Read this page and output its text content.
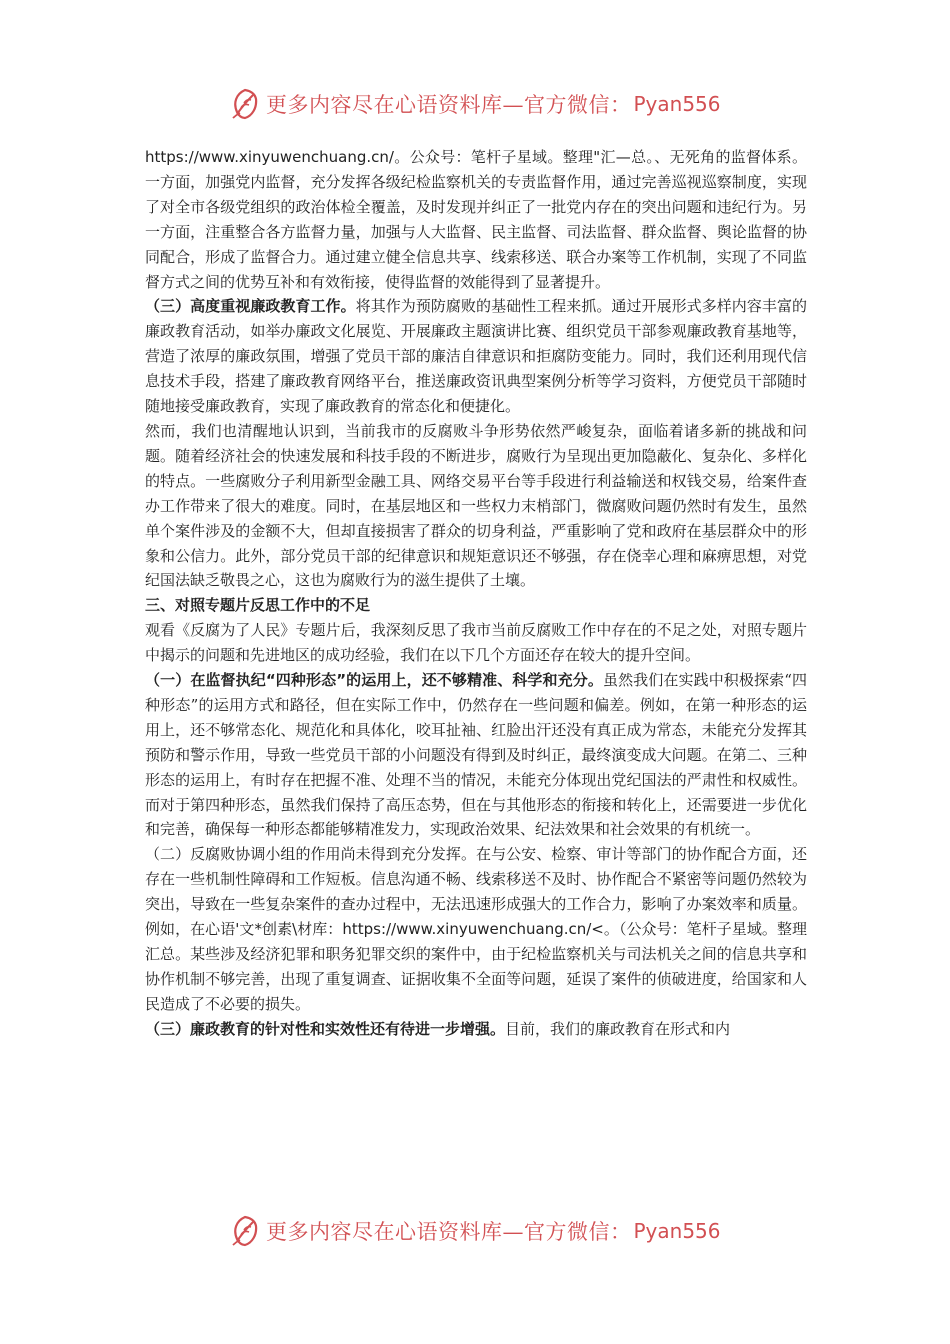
更多内容尽在心语资料库—官方微信： Pyan556

https://www.xinyuwenchuang.cn/。公众号：笔杆子星域。整理"汇—总。、无死角的监督体系。一方面，加强党内监督，充分发挥各级纪检监察机关的专责监督作用，通过完善巡视巡察制度，实现了对全市各级党组织的政治体检全覆盖，及时发现并纠正了一批党内存在的突出问题和违纪行为。另一方面，注重整合各方监督力量，加强与人大监督、民主监督、司法监督、群众监督、舆论监督的协同配合，形成了监督合力。通过建立健全信息共享、线索移送、联合办案等工作机制，实现了不同监督方式之间的优势互补和有效衔接，使得监督的效能得到了显著提升。

（三）高度重视廉政教育工作。将其作为预防腐败的基础性工程来抓。通过开展形式多样内容丰富的廉政教育活动，如举办廉政文化展览、开展廉政主题演讲比赛、组织党员干部参观廉政教育基地等，营造了浓厚的廉政氛围，增强了党员干部的廉洁自律意识和拒腐防变能力。同时，我们还利用现代信息技术手段，搭建了廉政教育网络平台，推送廉政资讯典型案例分析等学习资料，方便党员干部随时随地接受廉政教育，实现了廉政教育的常态化和便捷化。

然而，我们也清醒地认识到，当前我市的反腐败斗争形势依然严峻复杂，面临着诸多新的挑战和问题。随着经济社会的快速发展和科技手段的不断进步，腐败行为呈现出更加隐蔽化、复杂化、多样化的特点。一些腐败分子利用新型金融工具、网络交易平台等手段进行利益输送和权钱交易，给案件查办工作带来了很大的难度。同时，在基层地区和一些权力末梢部门，微腐败问题仍然时有发生，虽然单个案件涉及的金额不大，但却直接损害了群众的切身利益，严重影响了党和政府在基层群众中的形象和公信力。此外，部分党员干部的纪律意识和规矩意识还不够强，存在侥幸心理和麻痹思想，对党纪国法缺乏敬畏之心，这也为腐败行为的滋生提供了土壤。

三、对照专题片反思工作中的不足

观看《反腐为了人民》专题片后，我深刻反思了我市当前反腐败工作中存在的不足之处，对照专题片中揭示的问题和先进地区的成功经验，我们在以下几个方面还存在较大的提升空间。

（一）在监督执纪“四种形态”的运用上，还不够精准、科学和充分。虽然我们在实践中积极探索“四种形态”的运用方式和路径，但在实际工作中，仍然存在一些问题和偏差。例如，在第一种形态的运用上，还不够常态化、规范化和具体化，咬耳扯袖、红脸出汗还没有真正成为常态，未能充分发挥其预防和警示作用，导致一些党员干部的小问题没有得到及时纠正，最终演变成大问题。在第二、三种形态的运用上，有时存在把握不准、处理不当的情况，未能充分体现出党纪国法的严肃性和权威性。而对于第四种形态，虽然我们保持了高压态势，但在与其他形态的衔接和转化上，还需要进一步优化和完善，确保每一种形态都能够精准发力，实现政治效果、纪法效果和社会效果的有机统一。

（二）反腐败协调小组的作用尚未得到充分发挥。在与公安、检察、审计等部门的协作配合方面，还存在一些机制性障碍和工作短板。信息沟通不畅、线索移送不及时、协作配合不紧密等问题仍然较为突出，导致在一些复杂案件的查办过程中，无法迅速形成强大的工作合力，影响了办案效率和质量。例如，在心语'文*创素\材库：https://www.xinyuwenchuang.cn/<。（公众号：笔杆子星域。整理汇总。某些涉及经济犯罪和职务犯罪交织的案件中，由于纪检监察机关与司法机关之间的信息共享和协作机制不够完善，出现了重复调查、证据收集不全面等问题，延误了案件的侦破进度，给国家和人民造成了不必要的损失。

（三）廉政教育的针对性和实效性还有待进一步增强。目前，我们的廉政教育在形式和内

更多内容尽在心语资料库—官方微信： Pyan556
